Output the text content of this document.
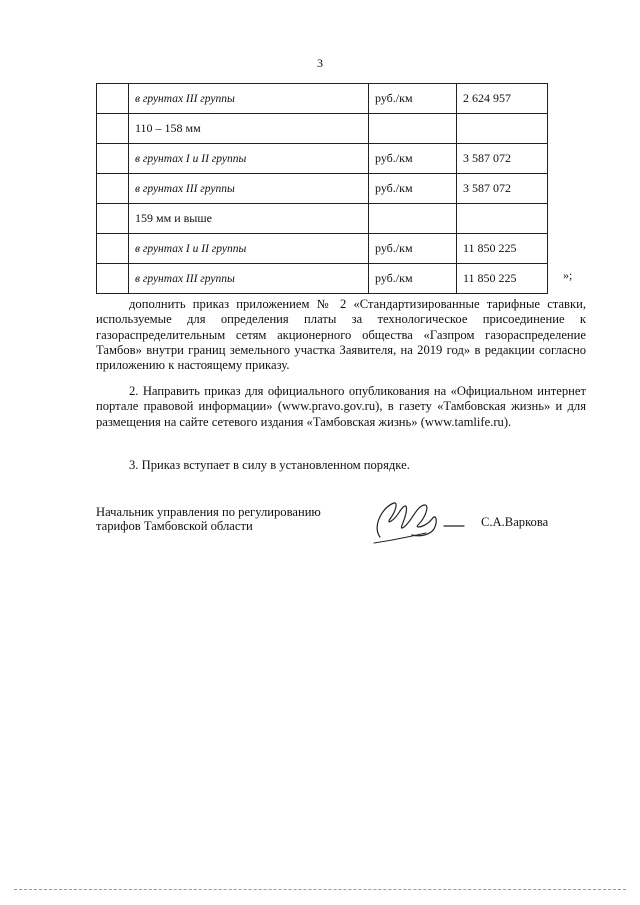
3
	в грунтах III группы	руб./км	2 624 957
	110 – 158 мм		
	в грунтах I и II группы	руб./км	3 587 072
	в грунтах III группы	руб./км	3 587 072
	159 мм и выше		
	в грунтах I и II группы	руб./км	11 850 225
	в грунтах III группы	руб./км	11 850 225	»;
дополнить приказ приложением № 2 «Стандартизированные тарифные ставки, используемые для определения платы за технологическое присоединение к газораспределительным сетям акционерного общества «Газпром газораспределение Тамбов» внутри границ земельного участка Заявителя, на 2019 год» в редакции согласно приложению к настоящему приказу.
2. Направить приказ для официального опубликования на «Официальном интернет портале правовой информации» (www.pravo.gov.ru), в газету «Тамбовская жизнь» и для размещения на сайте сетевого издания «Тамбовская жизнь» (www.tamlife.ru).
3. Приказ вступает в силу в установленном порядке.
Начальник управления по регулированию
тарифов Тамбовской области	С.А.Варкова
